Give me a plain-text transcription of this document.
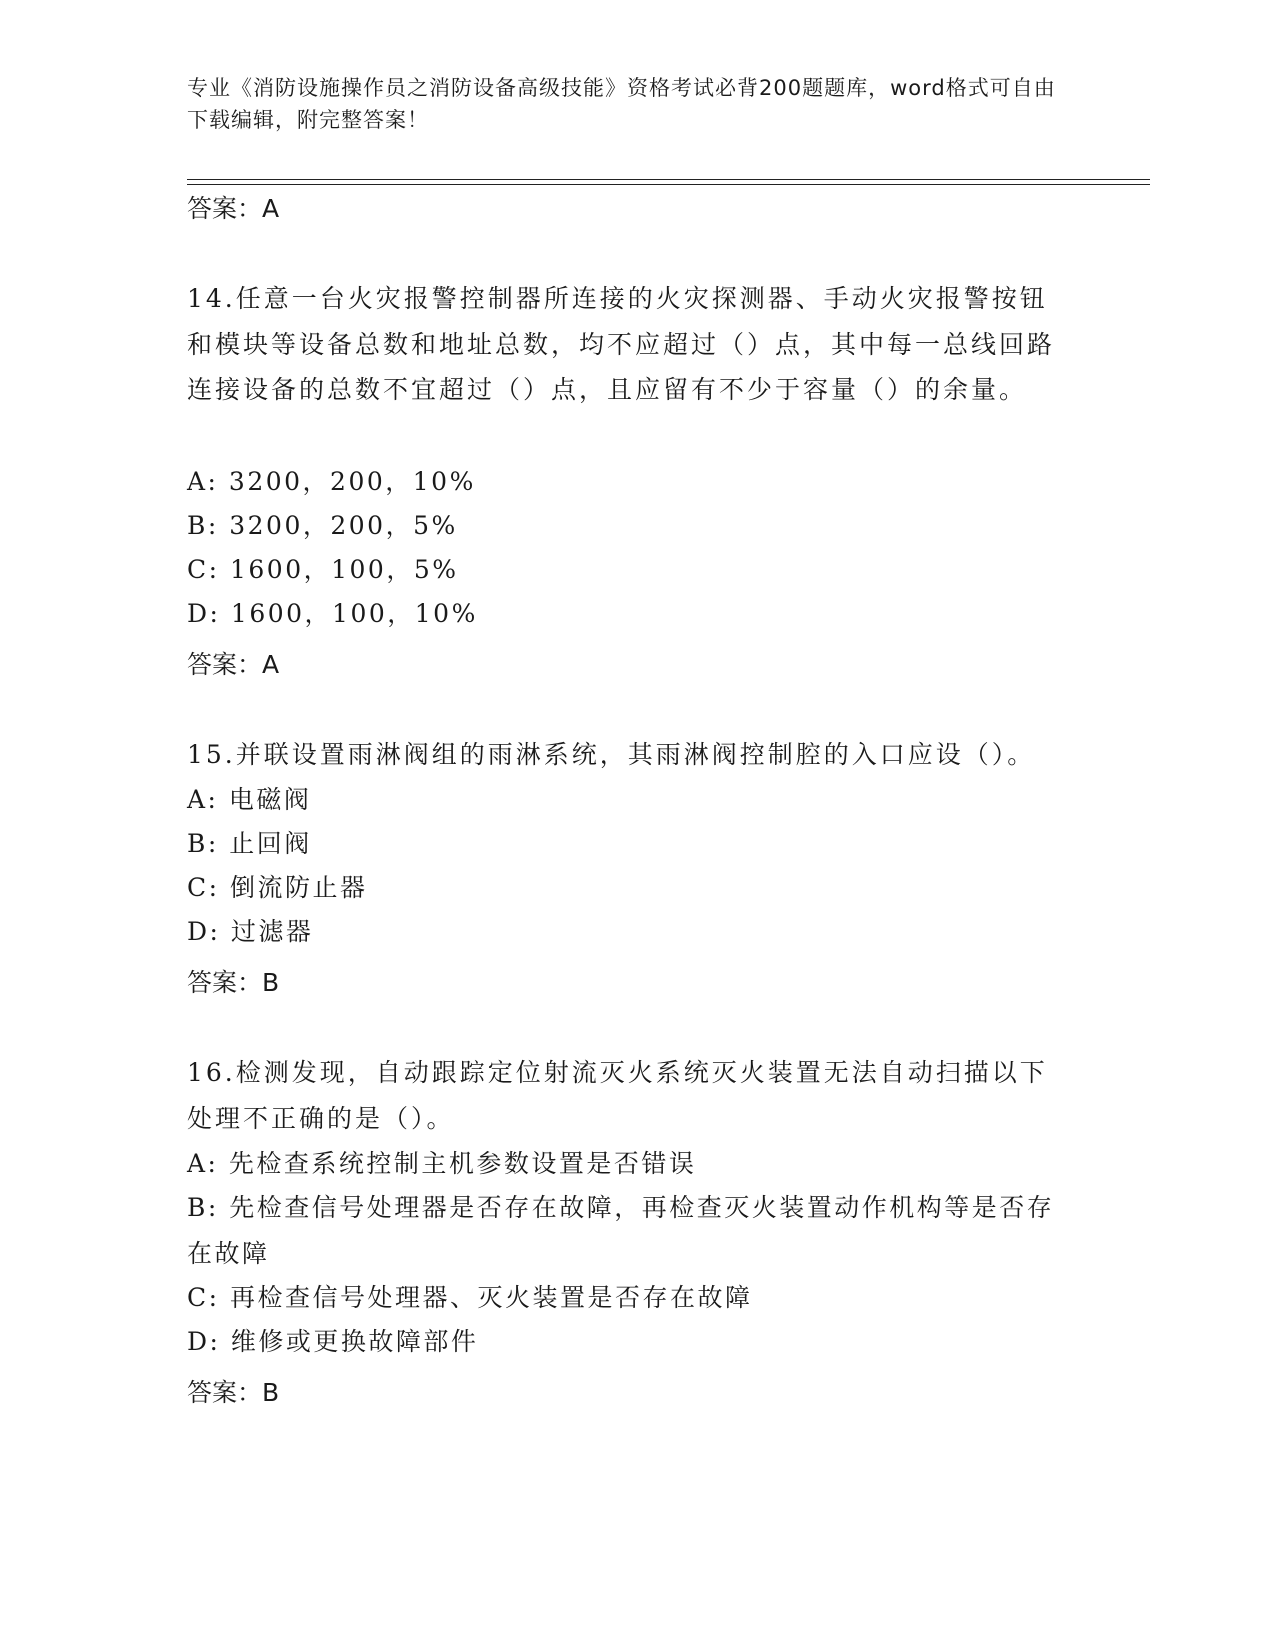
专业《消防设施操作员之消防设备高级技能》资格考试必背200题题库，word格式可自由下载编辑，附完整答案！
答案：A
14.任意一台火灾报警控制器所连接的火灾探测器、手动火灾报警按钮和模块等设备总数和地址总数，均不应超过（）点，其中每一总线回路连接设备的总数不宜超过（）点，且应留有不少于容量（）的余量。
A: 3200，200，10%
B: 3200，200，5%
C: 1600，100，5%
D: 1600，100，10%
答案：A
15.并联设置雨淋阀组的雨淋系统，其雨淋阀控制腔的入口应设（）。
A: 电磁阀
B: 止回阀
C: 倒流防止器
D: 过滤器
答案：B
16.检测发现，自动跟踪定位射流灭火系统灭火装置无法自动扫描以下处理不正确的是（）。
A: 先检查系统控制主机参数设置是否错误
B: 先检查信号处理器是否存在故障，再检查灭火装置动作机构等是否存在故障
C: 再检查信号处理器、灭火装置是否存在故障
D: 维修或更换故障部件
答案：B
